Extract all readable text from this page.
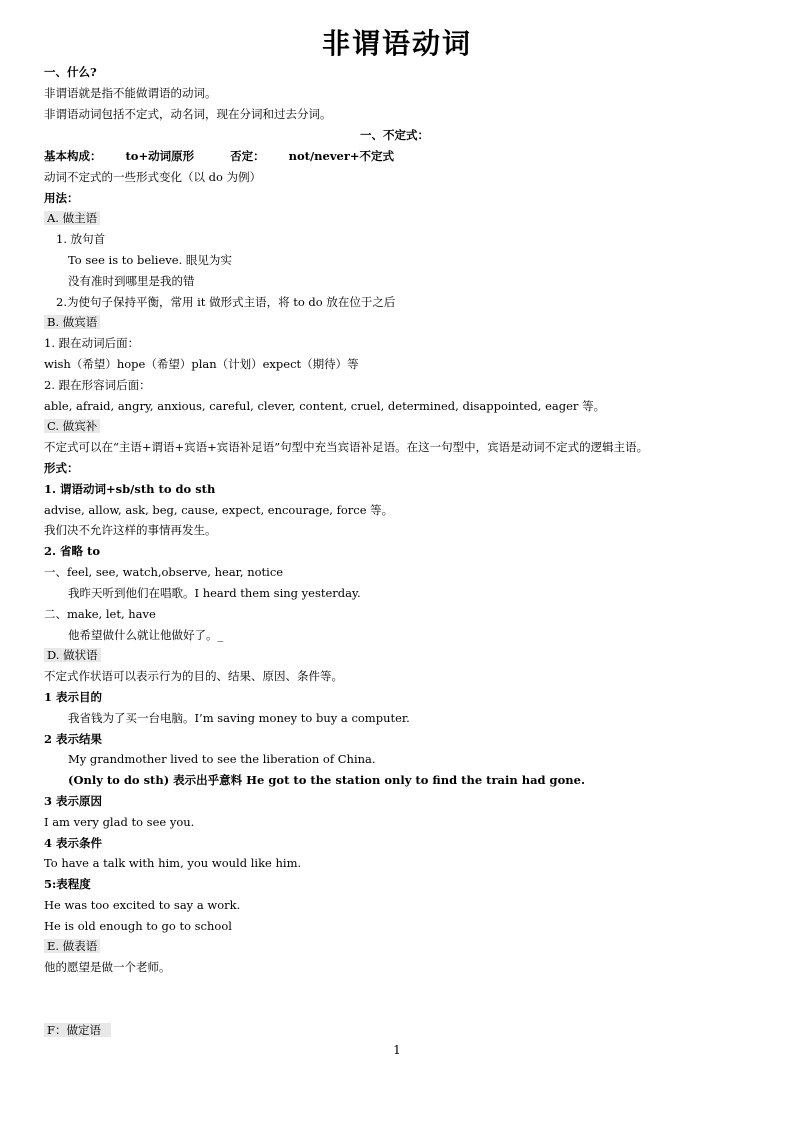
非谓语动词
一、什么?
非谓语就是指不能做谓语的动词。
非谓语动词包括不定式，动名词，现在分词和过去分词。
一、不定式：
基本构成： to+动词原形	否定： not/never+不定式
动词不定式的一些形式变化（以 do 为例）
用法：
A. 做主语
1. 放句首
To see is to believe. 眼见为实
没有准时到哪里是我的错
2.为使句子保持平衡，常用 it 做形式主语，将 to do 放在位于之后
B. 做宾语
1. 跟在动词后面：
wish（希望）hope（希望）plan（计划）expect（期待）等
2. 跟在形容词后面：
able, afraid, angry, anxious, careful, clever, content, cruel, determined, disappointed, eager 等。
C. 做宾补
不定式可以在“主语+谓语+宾语+宾语补足语”句型中充当宾语补足语。在这一句型中，宾语是动词不定式的逻辑主语。
形式：
1. 谓语动词+sb/sth to do sth
advise, allow, ask, beg, cause, expect, encourage, force 等。
我们决不允许这样的事情再发生。
2. 省略 to
一、feel, see, watch,observe, hear, notice
我昨天听到他们在唱歌。I heard them sing yesterday.
二、make, let, have
他希望做什么就让他做好了。_
D. 做状语
不定式作状语可以表示行为的目的、结果、原因、条件等。
1 表示目的
我省钱为了买一台电脑。I’m saving money to buy a computer.
2 表示结果
My grandmother lived to see the liberation of China.
(Only to do sth) 表示出乎意料 He got to the station only to find the train had gone.
3 表示原因
I am very glad to see you.
4 表示条件
To have a talk with him, you would like him.
5:表程度
He was too excited to say a work.
He is old enough to go to school
E. 做表语
他的愿望是做一个老师。
F：做定语
1
